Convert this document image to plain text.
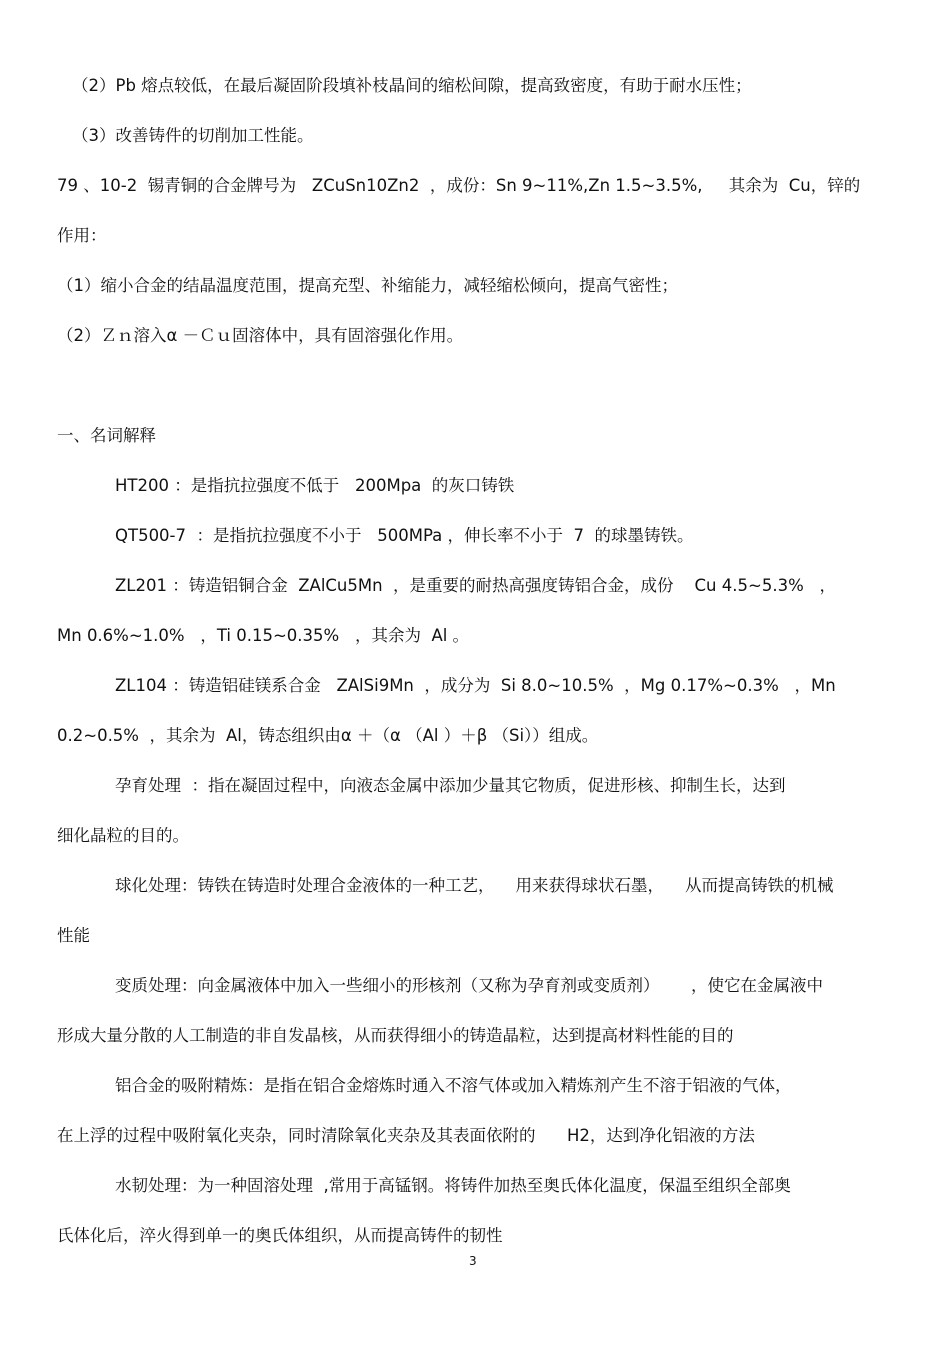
（2）Pb 熔点较低，在最后凝固阶段填补枝晶间的缩松间隙，提高致密度，有助于耐水压性；
（3）改善铸件的切削加工性能。
79 、10-2  锡青铜的合金牌号为   ZCuSn10Zn2  ，成份：Sn 9~11%,Zn 1.5~3.5%,     其余为  Cu，锌的
作用：
（1）缩小合金的结晶温度范围，提高充型、补缩能力，减轻缩松倾向，提高气密性；
（2）Ｚｎ溶入α －Ｃｕ固溶体中，具有固溶强化作用。
一、名词解释
HT200 ：是指抗拉强度不低于   200Mpa  的灰口铸铁
QT500-7  ：是指抗拉强度不小于   500MPa ，伸长率不小于  7  的球墨铸铁。
ZL201 ：铸造铝铜合金  ZAlCu5Mn  ，是重要的耐热高强度铸铝合金，成份    Cu 4.5~5.3%   ，
Mn 0.6%~1.0%   ，Ti 0.15~0.35%   ，其余为  Al 。
ZL104 ：铸造铝硅镁系合金   ZAlSi9Mn  ，成分为  Si 8.0~10.5%  ，Mg 0.17%~0.3%   ，Mn
0.2~0.5%  ，其余为  Al，铸态组织由α ＋（α （Al ）＋β （Si））组成。
孕育处理  ：指在凝固过程中，向液态金属中添加少量其它物质，促进形核、抑制生长，达到
细化晶粒的目的。
球化处理：铸铁在铸造时处理合金液体的一种工艺，    用来获得球状石墨，    从而提高铸铁的机械
性能
变质处理：向金属液体中加入一些细小的形核剂（又称为孕育剂或变质剂）      ，使它在金属液中
形成大量分散的人工制造的非自发晶核，从而获得细小的铸造晶粒，达到提高材料性能的目的
铝合金的吸附精炼：是指在铝合金熔炼时通入不溶气体或加入精炼剂产生不溶于铝液的气体，
在上浮的过程中吸附氧化夹杂，同时清除氧化夹杂及其表面依附的      H2，达到净化铝液的方法
水韧处理：为一种固溶处理  ,常用于高锰钢。将铸件加热至奥氏体化温度，保温至组织全部奥
氏体化后，淬火得到单一的奥氏体组织，从而提高铸件的韧性
3
